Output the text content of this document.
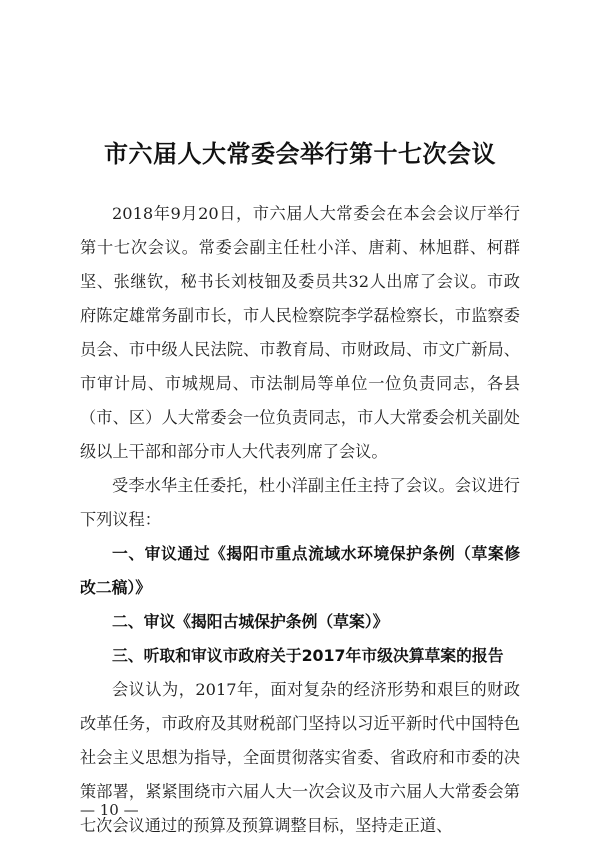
市六届人大常委会举行第十七次会议

2018年9月20日，市六届人大常委会在本会会议厅举行第十七次会议。常委会副主任杜小洋、唐莉、林旭群、柯群坚、张继钦，秘书长刘枝钿及委员共32人出席了会议。市政府陈定雄常务副市长，市人民检察院李学磊检察长，市监察委员会、市中级人民法院、市教育局、市财政局、市文广新局、市审计局、市城规局、市法制局等单位一位负责同志，各县（市、区）人大常委会一位负责同志，市人大常委会机关副处级以上干部和部分市人大代表列席了会议。

受李水华主任委托，杜小洋副主任主持了会议。会议进行下列议程：

一、审议通过《揭阳市重点流域水环境保护条例（草案修改二稿）》

二、审议《揭阳古城保护条例（草案）》

三、听取和审议市政府关于2017年市级决算草案的报告

会议认为，2017年，面对复杂的经济形势和艰巨的财政改革任务，市政府及其财税部门坚持以习近平新时代中国特色社会主义思想为指导，全面贯彻落实省委、省政府和市委的决策部署，紧紧围绕市六届人大一次会议及市六届人大常委会第七次会议通过的预算及预算调整目标，坚持走正道、

— 10 —
